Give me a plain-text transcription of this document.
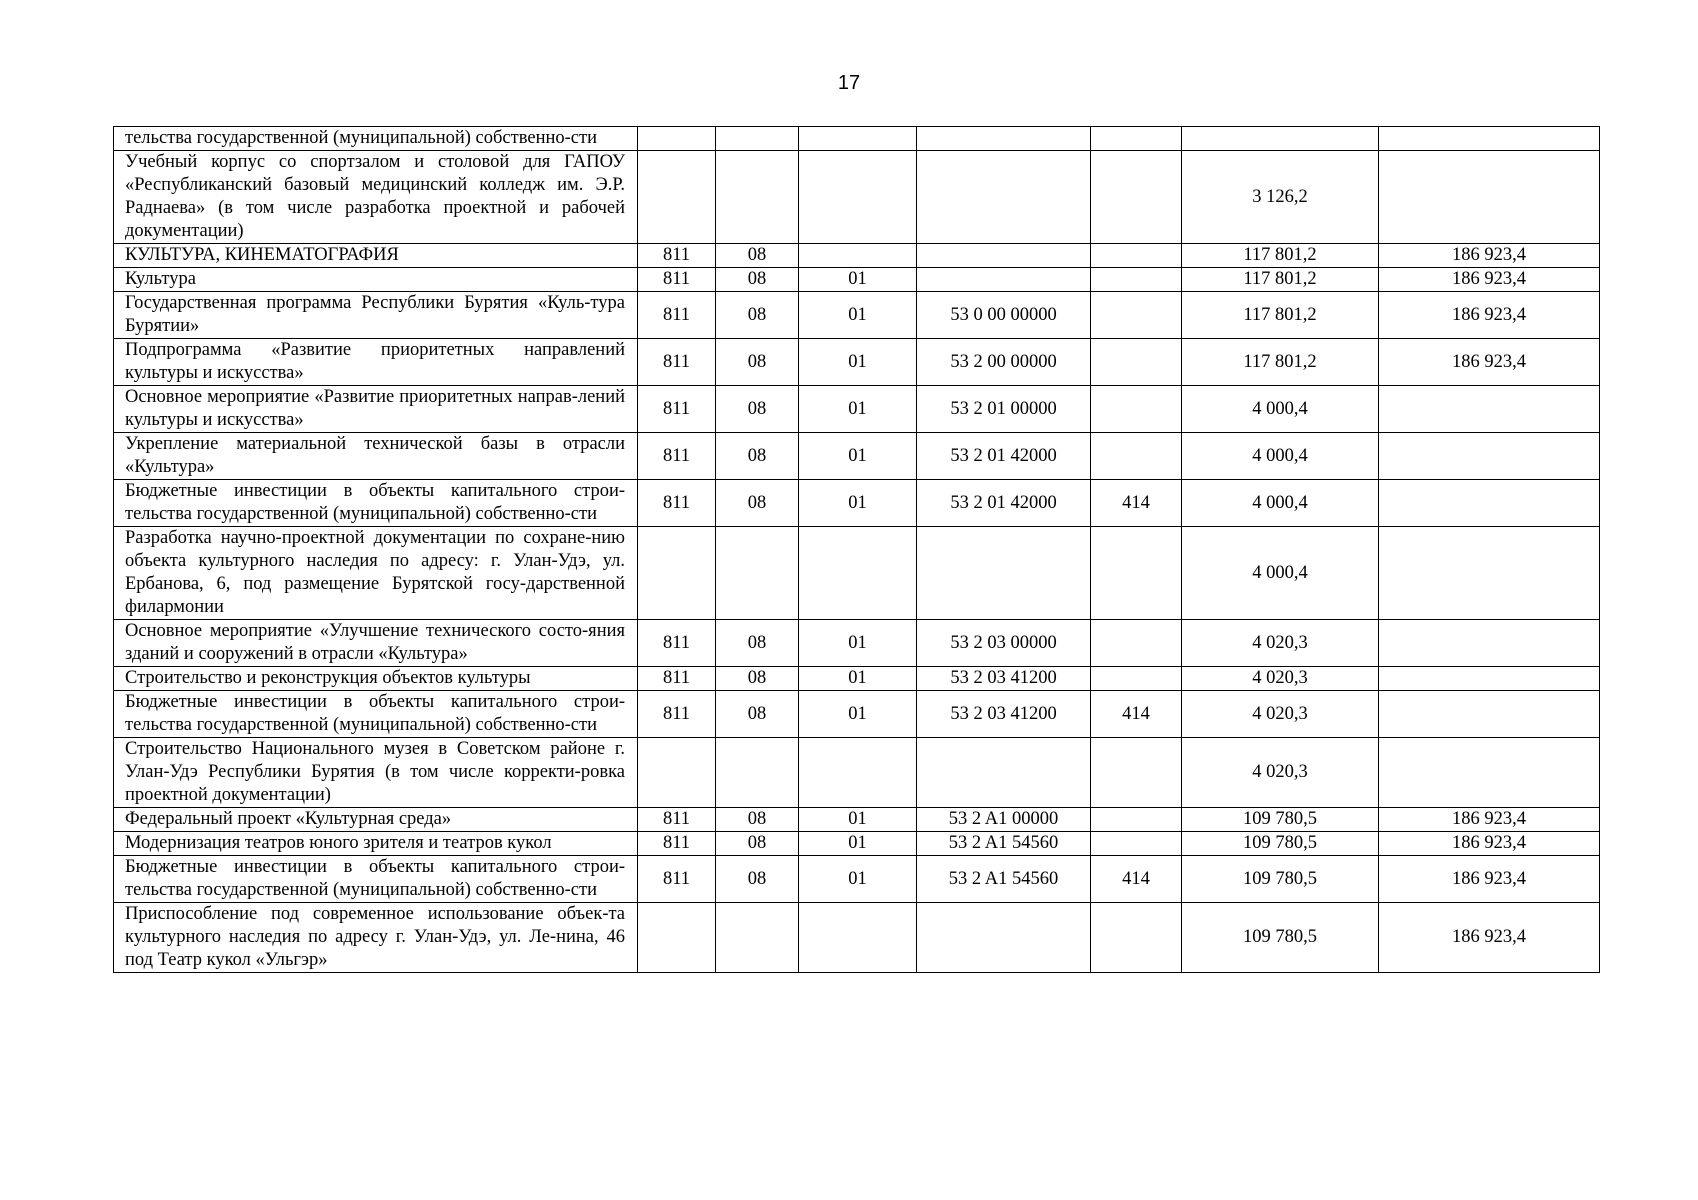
17
тельства государственной (муниципальной) собственно-сти							
Учебный корпус со спортзалом и столовой для ГАПОУ «Республиканский базовый медицинский колледж им. Э.Р. Раднаева» (в том числе разработка проектной и рабочей документации)						3 126,2	
КУЛЬТУРА, КИНЕМАТОГРАФИЯ	811	08				117 801,2	186 923,4
Культура	811	08	01			117 801,2	186 923,4
Государственная программа Республики Бурятия «Куль-тура Бурятии»	811	08	01	53 0 00 00000		117 801,2	186 923,4
Подпрограмма «Развитие приоритетных направлений культуры и искусства»	811	08	01	53 2 00 00000		117 801,2	186 923,4
Основное мероприятие «Развитие приоритетных направ-лений культуры и искусства»	811	08	01	53 2 01 00000		4 000,4	
Укрепление материальной технической базы в отрасли «Культура»	811	08	01	53 2 01 42000		4 000,4	
Бюджетные инвестиции в объекты капитального строи-тельства государственной (муниципальной) собственно-сти	811	08	01	53 2 01 42000	414	4 000,4	
Разработка научно-проектной документации по сохране-нию объекта культурного наследия по адресу: г. Улан-Удэ, ул. Ербанова, 6, под размещение Бурятской госу-дарственной филармонии						4 000,4	
Основное мероприятие «Улучшение технического состо-яния зданий и сооружений в отрасли «Культура»	811	08	01	53 2 03 00000		4 020,3	
Строительство и реконструкция объектов культуры	811	08	01	53 2 03 41200		4 020,3	
Бюджетные инвестиции в объекты капитального строи-тельства государственной (муниципальной) собственно-сти	811	08	01	53 2 03 41200	414	4 020,3	
Строительство Национального музея в Советском районе г. Улан-Удэ Республики Бурятия (в том числе корректи-ровка проектной документации)						4 020,3	
Федеральный проект «Культурная среда»	811	08	01	53 2 A1 00000		109 780,5	186 923,4
Модернизация театров юного зрителя и театров кукол	811	08	01	53 2 A1 54560		109 780,5	186 923,4
Бюджетные инвестиции в объекты капитального строи-тельства государственной (муниципальной) собственно-сти	811	08	01	53 2 A1 54560	414	109 780,5	186 923,4
Приспособление под современное использование объек-та культурного наследия по адресу г. Улан-Удэ, ул. Ле-нина, 46 под Театр кукол «Ульгэр»						109 780,5	186 923,4
